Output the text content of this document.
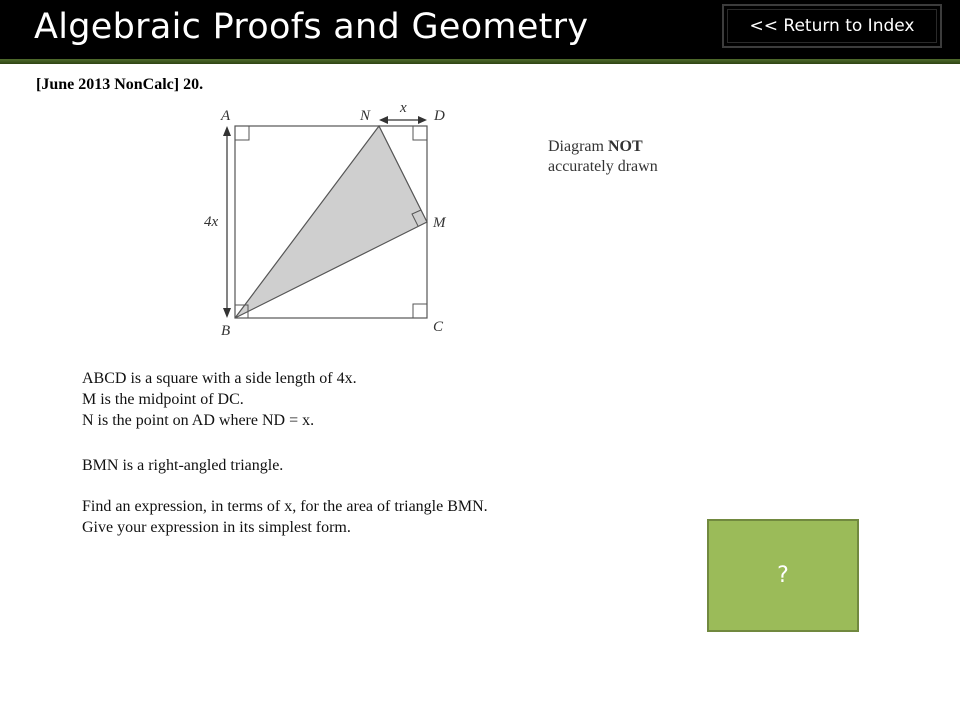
Algebraic Proofs and Geometry	<< Return to Index
[June 2013 NonCalc] 20.
A	N x D
4x	M
B	C
Diagram NOT
accurately drawn

ABCD is a square with a side length of 4x.

M is the midpoint of DC.

N is the point on AD where ND = x.

BMN is a right-angled triangle.

Find an expression, in terms of x, for the area of triangle BMN.

Give your expression in its simplest form.

?
